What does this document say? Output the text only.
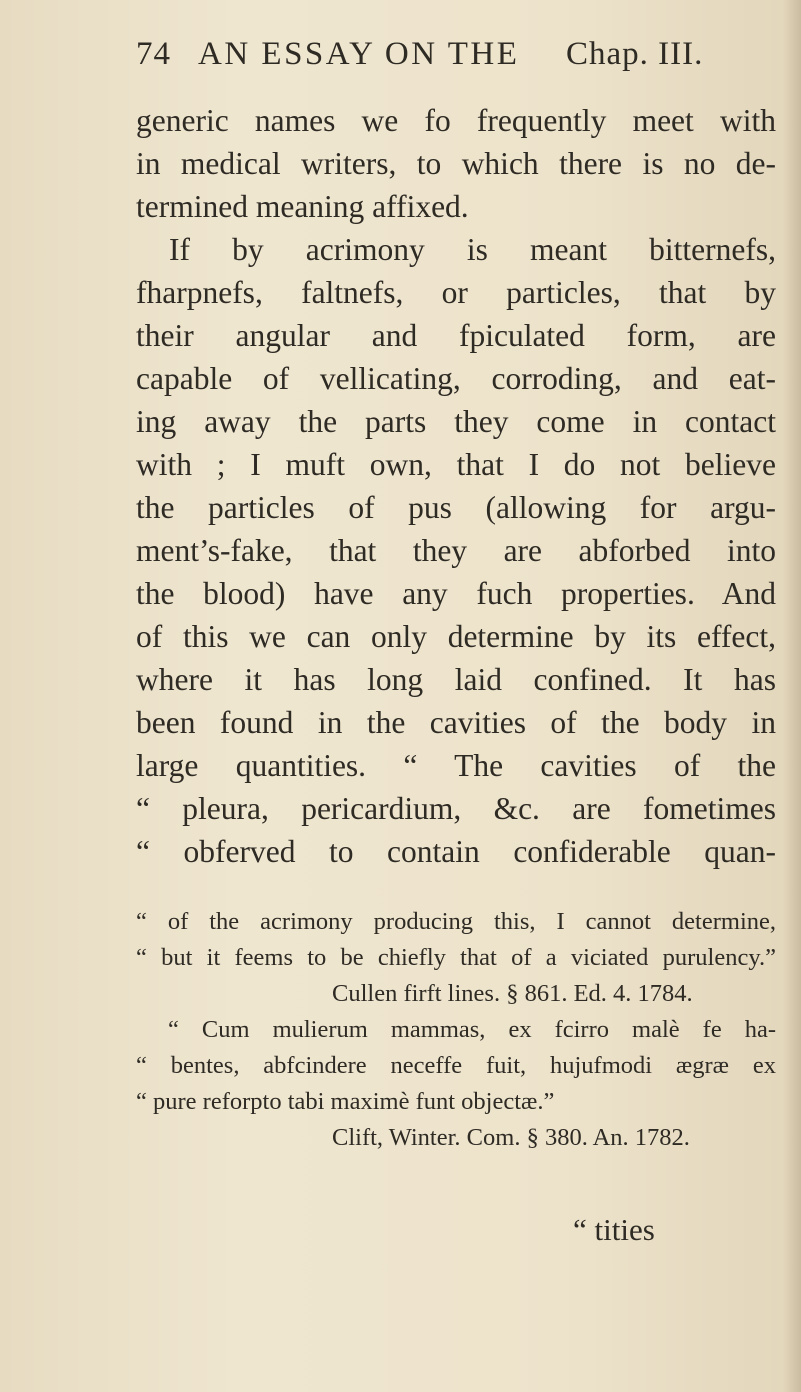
74 AN ESSAY ON THE Chap. III.
generic names we fo frequently meet with
in medical writers, to which there is no de-
termined meaning affixed.
If by acrimony is meant bitternefs,
fharpnefs, faltnefs, or particles, that by
their angular and fpiculated form, are
capable of vellicating, corroding, and eat-
ing away the parts they come in contact
with ; I muft own, that I do not believe
the particles of pus (allowing for argu-
ment’s-fake, that they are abforbed into
the blood) have any fuch properties. And
of this we can only determine by its effect,
where it has long laid confined. It has
been found in the cavities of the body in
large quantities. “ The cavities of the
“ pleura, pericardium, &c. are fometimes
“ obferved to contain confiderable quan-
“ of the acrimony producing this, I cannot determine,
“ but it feems to be chiefly that of a viciated purulency.”
Cullen firft lines. § 861. Ed. 4. 1784.
“ Cum mulierum mammas, ex fcirro malè fe ha-
“ bentes, abfcindere neceffe fuit, hujufmodi ægræ ex
“ pure reforpto tabi maximè funt objectæ.”
Clift, Winter. Com. § 380. An. 1782.
“ tities
